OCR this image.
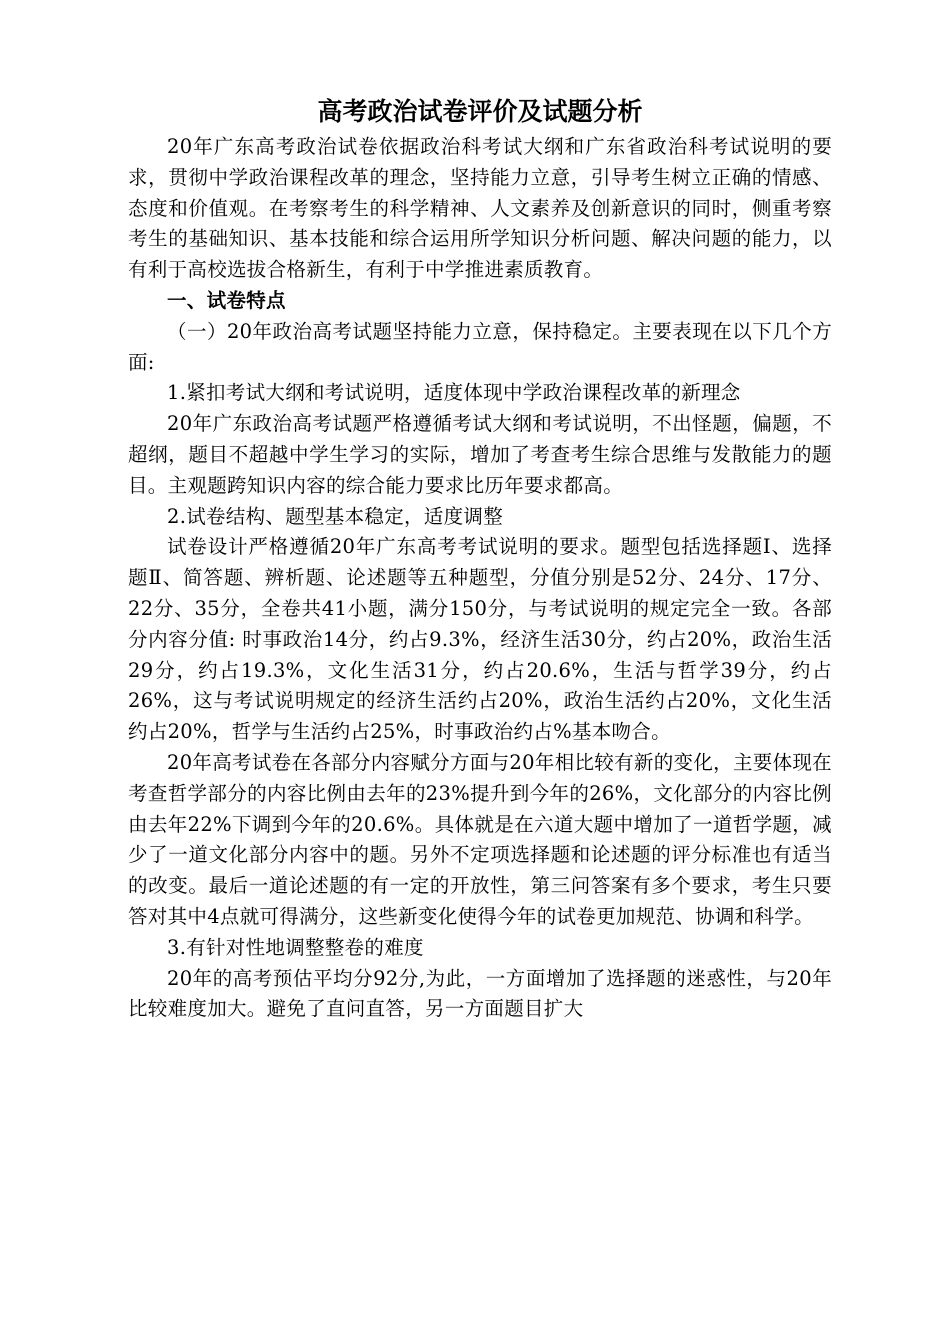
高考政治试卷评价及试题分析

20年广东高考政治试卷依据政治科考试大纲和广东省政治科考试说明的要求，贯彻中学政治课程改革的理念，坚持能力立意，引导考生树立正确的情感、态度和价值观。在考察考生的科学精神、人文素养及创新意识的同时，侧重考察考生的基础知识、基本技能和综合运用所学知识分析问题、解决问题的能力，以有利于高校选拔合格新生，有利于中学推进素质教育。

一、试卷特点

（一）20年政治高考试题坚持能力立意，保持稳定。主要表现在以下几个方面:

1.紧扣考试大纲和考试说明，适度体现中学政治课程改革的新理念

20年广东政治高考试题严格遵循考试大纲和考试说明，不出怪题，偏题，不超纲，题目不超越中学生学习的实际，增加了考查考生综合思维与发散能力的题目。主观题跨知识内容的综合能力要求比历年要求都高。

2.试卷结构、题型基本稳定，适度调整

试卷设计严格遵循20年广东高考考试说明的要求。题型包括选择题Ⅰ、选择题Ⅱ、简答题、辨析题、论述题等五种题型，分值分别是52分、24分、17分、22分、35分，全卷共41小题，满分150分，与考试说明的规定完全一致。各部分内容分值: 时事政治14分，约占9.3%，经济生活30分，约占20%，政治生活29分，约占19.3%，文化生活31分，约占20.6%，生活与哲学39分，约占26%，这与考试说明规定的经济生活约占20%，政治生活约占20%，文化生活约占20%，哲学与生活约占25%，时事政治约占%基本吻合。

20年高考试卷在各部分内容赋分方面与20年相比较有新的变化，主要体现在考查哲学部分的内容比例由去年的23%提升到今年的26%，文化部分的内容比例由去年22%下调到今年的20.6%。具体就是在六道大题中增加了一道哲学题，减少了一道文化部分内容中的题。另外不定项选择题和论述题的评分标准也有适当的改变。最后一道论述题的有一定的开放性，第三问答案有多个要求，考生只要答对其中4点就可得满分，这些新变化使得今年的试卷更加规范、协调和科学。

3.有针对性地调整整卷的难度

20年的高考预估平均分92分,为此，一方面增加了选择题的迷惑性，与20年比较难度加大。避免了直问直答，另一方面题目扩大
